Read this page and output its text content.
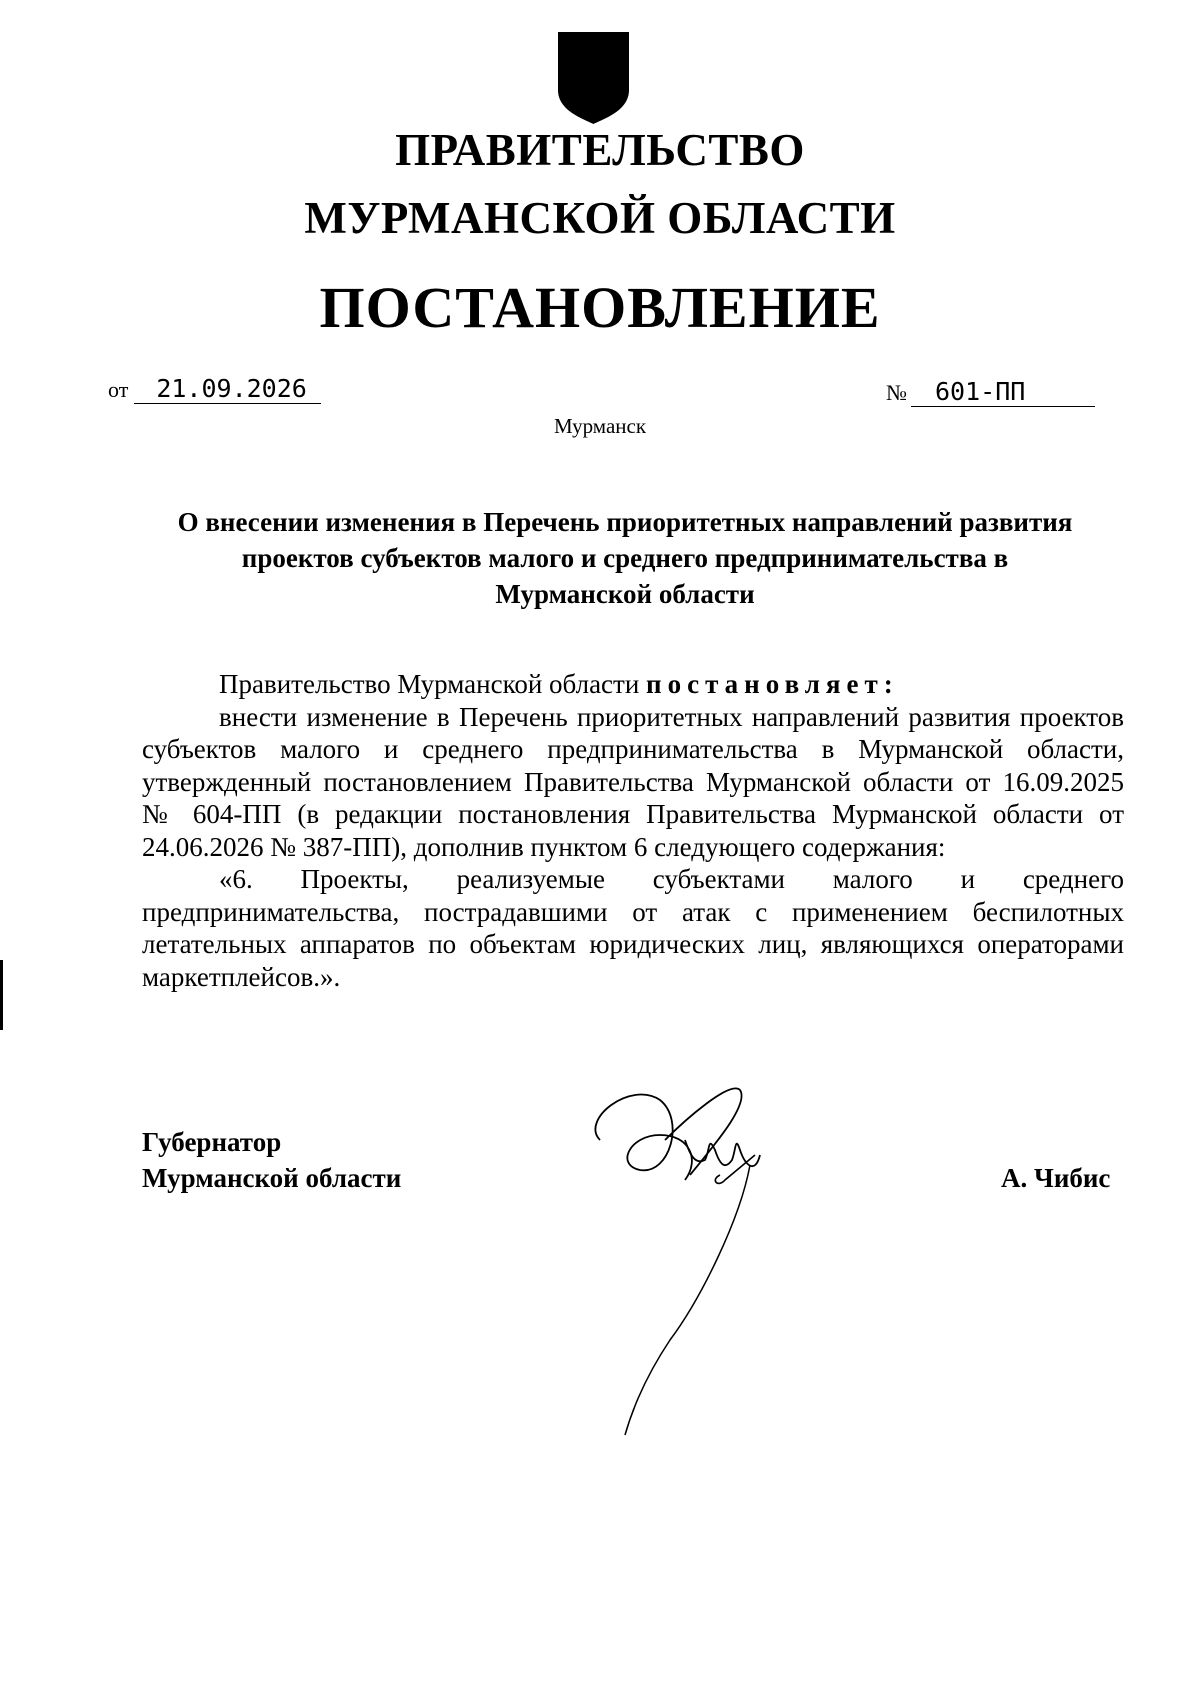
ПРАВИТЕЛЬСТВО
МУРМАНСКОЙ ОБЛАСТИ
ПОСТАНОВЛЕНИЕ
от 21.09.2026	№ 601-ПП
Мурманск
О внесении изменения в Перечень приоритетных направлений развития
проектов субъектов малого и среднего предпринимательства в
Мурманской области

Правительство Мурманской области постановляет:

внести изменение в Перечень приоритетных направлений развития проектов субъектов малого и среднего предпринимательства в Мурманской области, утвержденный постановлением Правительства Мурманской области от 16.09.2025 № 604-ПП (в редакции постановления Правительства Мурманской области от 24.06.2026 № 387-ПП), дополнив пунктом 6 следующего содержания:

«6. Проекты, реализуемые субъектами малого и среднего предпринимательства, пострадавшими от атак с применением беспилотных летательных аппаратов по объектам юридических лиц, являющихся операторами маркетплейсов.».

Губернатор
Мурманской области	А. Чибис
